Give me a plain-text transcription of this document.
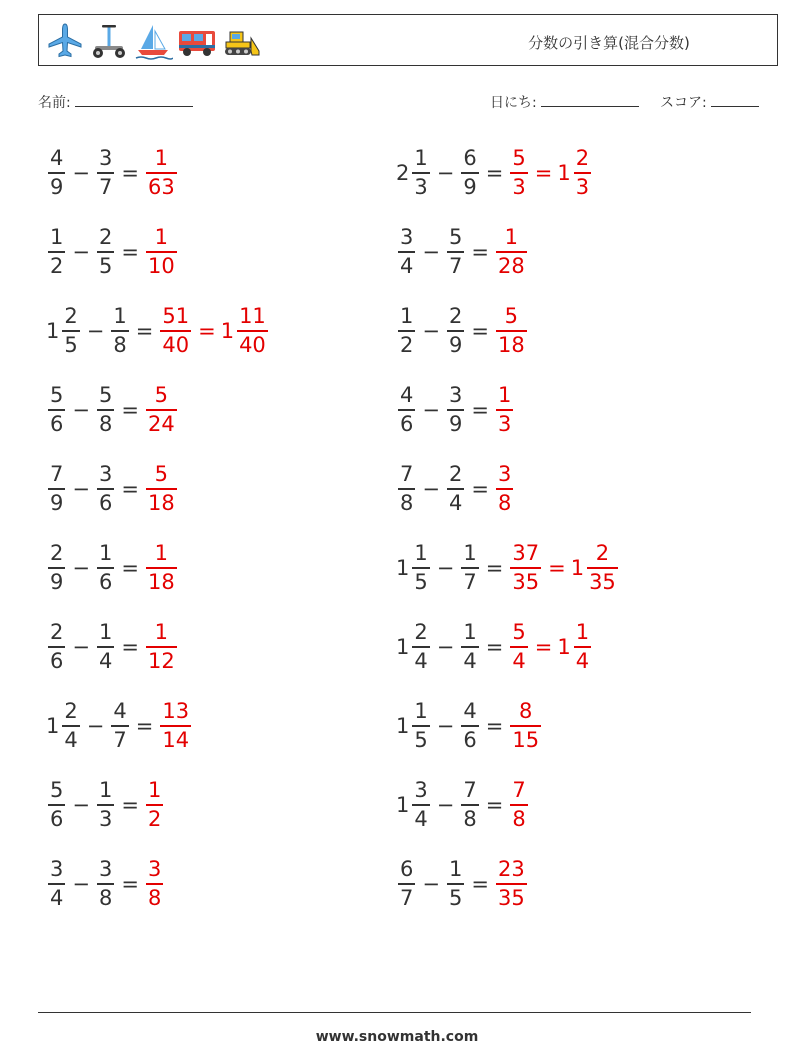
分数の引き算(混合分数)
名前:	日にち:	スコア:
$\frac{4}{9} - \frac{3}{7} = \frac{1}{63}$	$2 \frac{1}{3} - \frac{6}{9} = \frac{5}{3} = 1 \frac{2}{3}$
$\frac{1}{2} - \frac{2}{5} = \frac{1}{10}$	$\frac{3}{4} - \frac{5}{7} = \frac{1}{28}$
$1 \frac{2}{5} - \frac{1}{8} = \frac{51}{40} = 1 \frac{11}{40}$	$\frac{1}{2} - \frac{2}{9} = \frac{5}{18}$
$\frac{5}{6} - \frac{5}{8} = \frac{5}{24}$	$\frac{4}{6} - \frac{3}{9} = \frac{1}{3}$
$\frac{7}{9} - \frac{3}{6} = \frac{5}{18}$	$\frac{7}{8} - \frac{2}{4} = \frac{3}{8}$
$\frac{2}{9} - \frac{1}{6} = \frac{1}{18}$	$1 \frac{1}{5} - \frac{1}{7} = \frac{37}{35} = 1 \frac{2}{35}$
$\frac{2}{6} - \frac{1}{4} = \frac{1}{12}$	$1 \frac{2}{4} - \frac{1}{4} = \frac{5}{4} = 1 \frac{1}{4}$
$1 \frac{2}{4} - \frac{4}{7} = \frac{13}{14}$	$1 \frac{1}{5} - \frac{4}{6} = \frac{8}{15}$
$\frac{5}{6} - \frac{1}{3} = \frac{1}{2}$	$1 \frac{3}{4} - \frac{7}{8} = \frac{7}{8}$
$\frac{3}{4} - \frac{3}{8} = \frac{3}{8}$	$\frac{6}{7} - \frac{1}{5} = \frac{23}{35}$
www.snowmath.com
